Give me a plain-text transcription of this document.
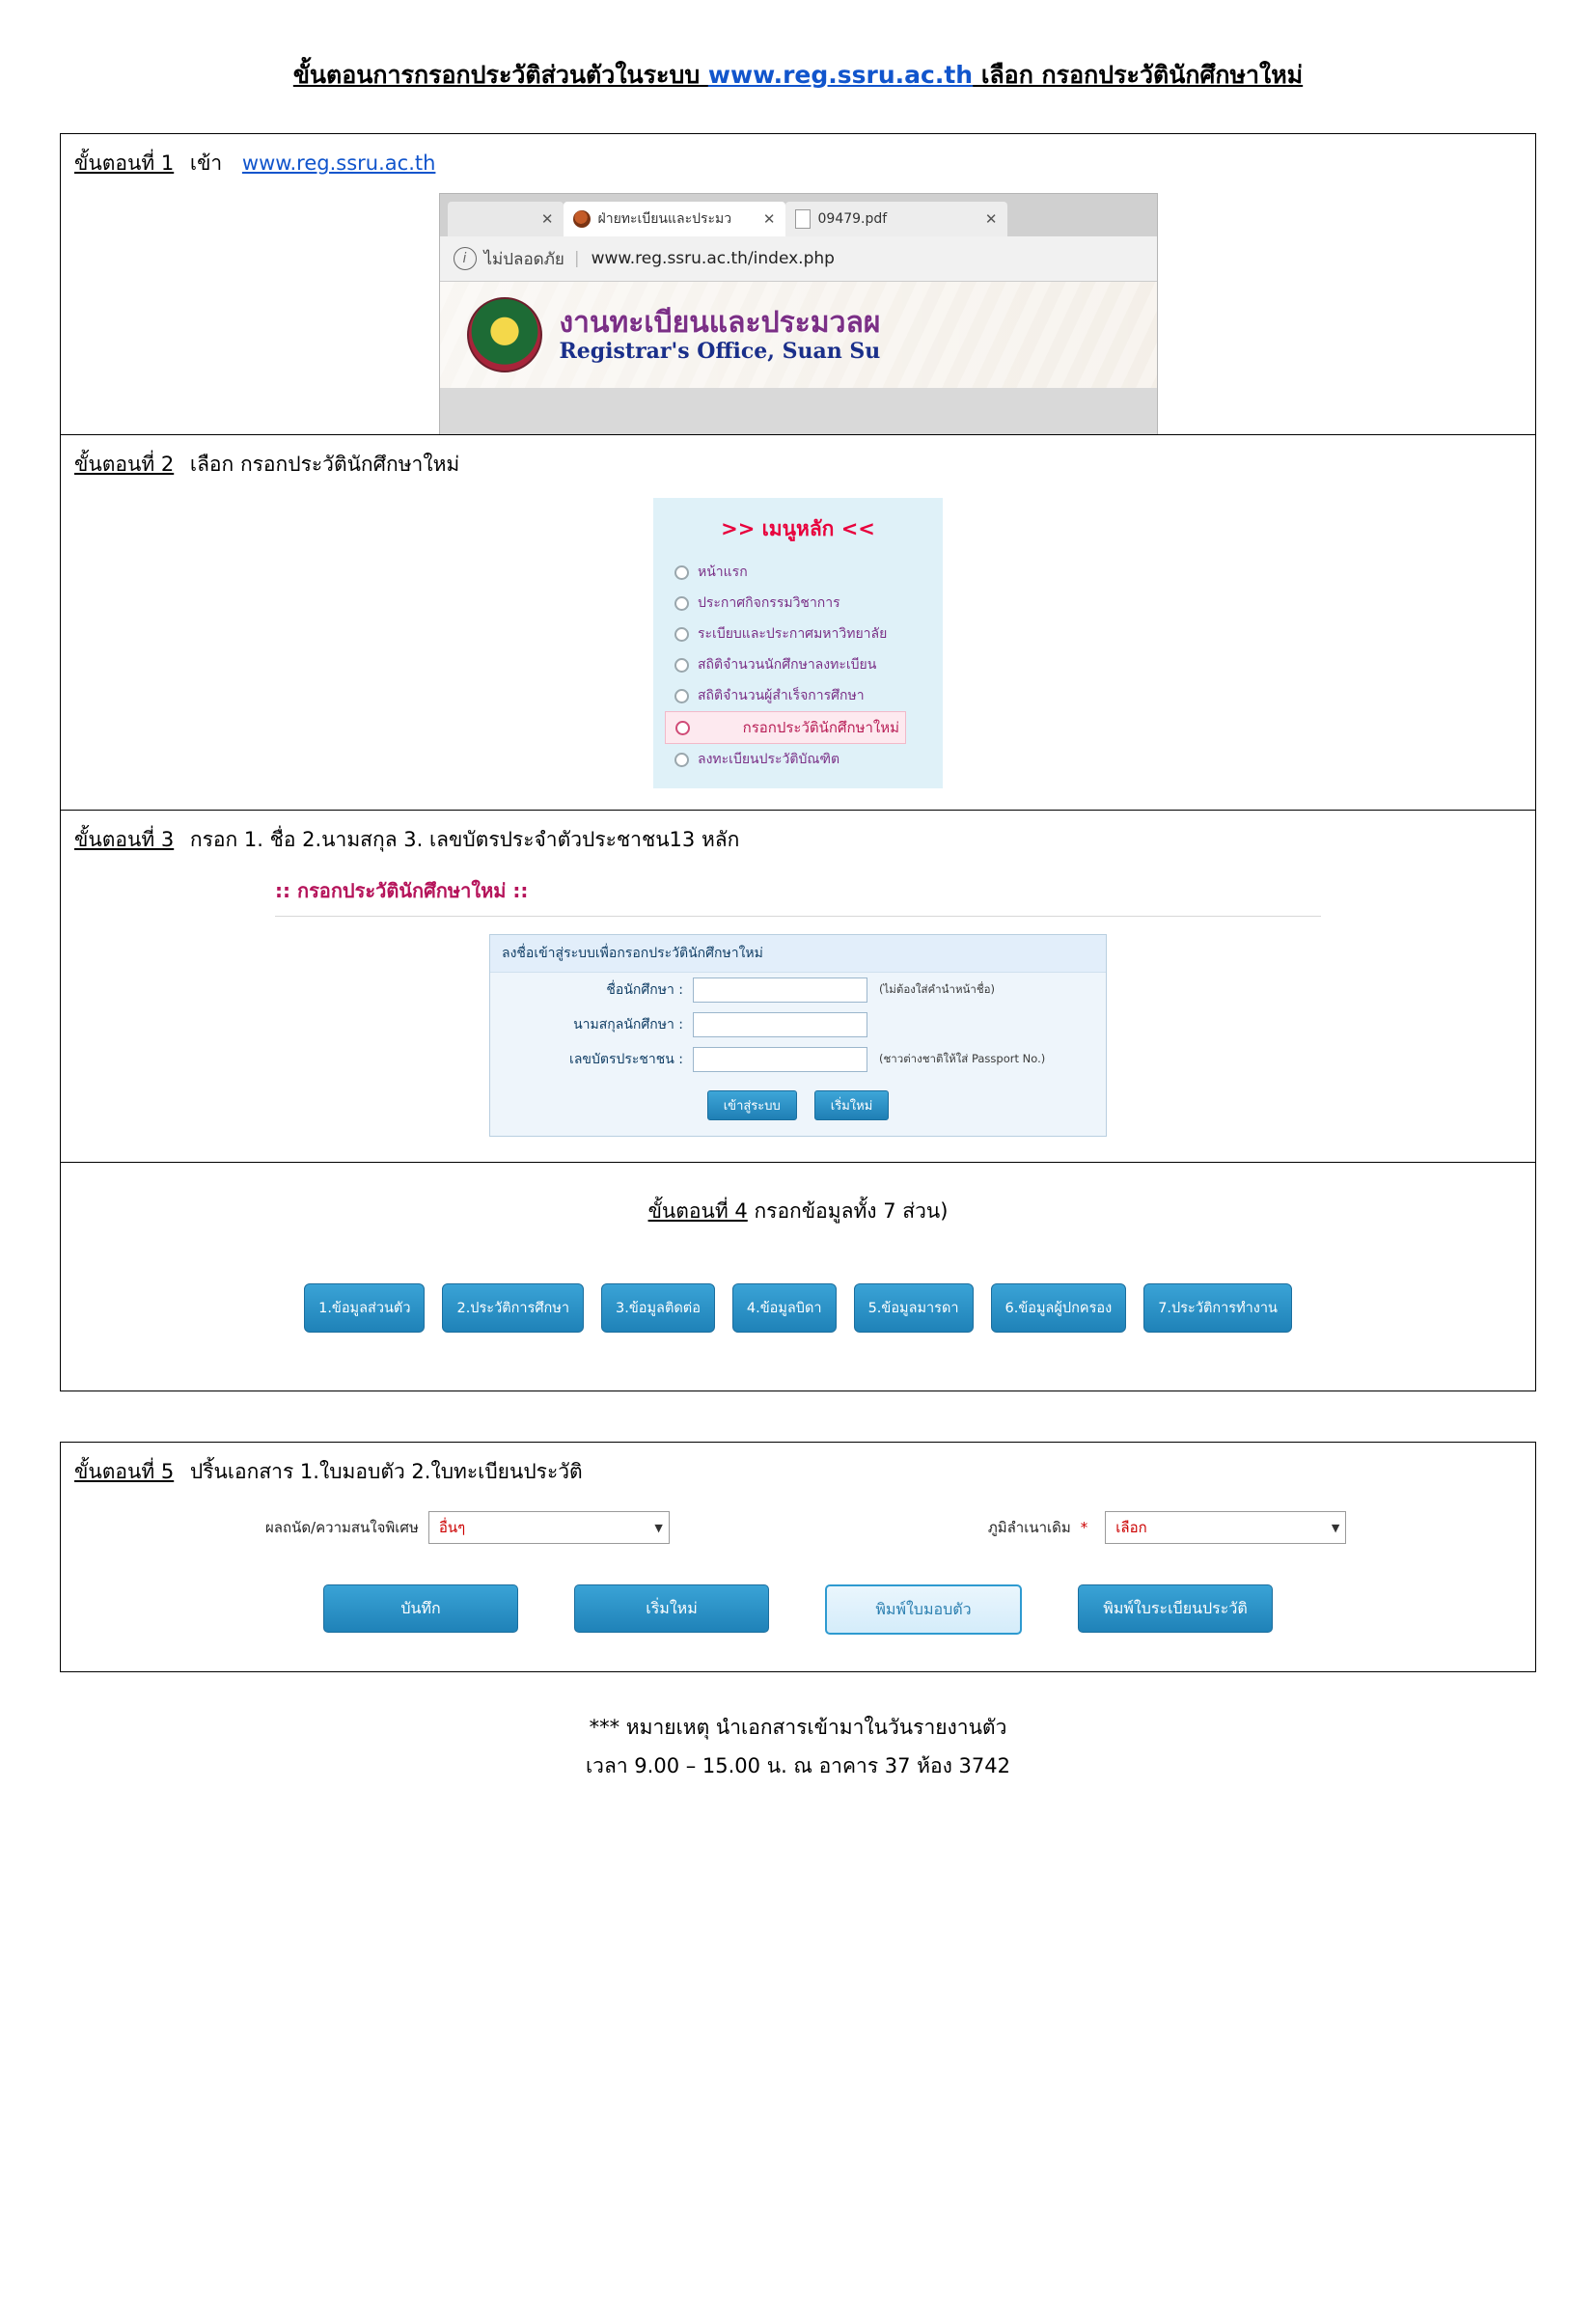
ขั้นตอนการกรอกประวัติส่วนตัวในระบบ www.reg.ssru.ac.th เลือก กรอกประวัตินักศึกษาใหม่
ขั้นตอนที่ 1 เข้า www.reg.ssru.ac.th
✕	ฝ่ายทะเบียนและประมว	✕	09479.pdf	✕
i	ไม่ปลอดภัย | www.reg.ssru.ac.th/index.php
งานทะเบียนและประมวลผ
Registrar's Office, Suan Su
ขั้นตอนที่ 2 เลือก กรอกประวัตินักศึกษาใหม่
>> เมนูหลัก <<
หน้าแรก
ประกาศกิจกรรมวิชาการ
ระเบียบและประกาศมหาวิทยาลัย
สถิติจำนวนนักศึกษาลงทะเบียน
สถิติจำนวนผู้สำเร็จการศึกษา
กรอกประวัตินักศึกษาใหม่
ลงทะเบียนประวัติบัณฑิต
ขั้นตอนที่ 3 กรอก 1. ชื่อ 2.นามสกุล 3. เลขบัตรประจำตัวประชาชน13 หลัก
:: กรอกประวัตินักศึกษาใหม่ ::
ลงชื่อเข้าสู่ระบบเพื่อกรอกประวัตินักศึกษาใหม่
ชื่อนักศึกษา :	(ไม่ต้องใส่คำนำหน้าชื่อ)
นามสกุลนักศึกษา :
เลขบัตรประชาชน :	(ชาวต่างชาติให้ใส่ Passport No.)
เข้าสู่ระบบ	เริ่มใหม่
ขั้นตอนที่ 4 กรอกข้อมูลทั้ง 7 ส่วน)
1.ข้อมูลส่วนตัว	2.ประวัติการศึกษา	3.ข้อมูลติดต่อ	4.ข้อมูลบิดา	5.ข้อมูลมารดา	6.ข้อมูลผู้ปกครอง	7.ประวัติการทำงาน
ขั้นตอนที่ 5 ปริ้นเอกสาร 1.ใบมอบตัว 2.ใบทะเบียนประวัติ
ผลถนัด/ความสนใจพิเศษ อื่นๆ	▼	ภูมิลำเนาเดิม * เลือก	▼
บันทึก	เริ่มใหม่	พิมพ์ใบมอบตัว	พิมพ์ใบระเบียนประวัติ
*** หมายเหตุ นำเอกสารเข้ามาในวันรายงานตัว
เวลา 9.00 – 15.00 น. ณ อาคาร 37 ห้อง 3742
